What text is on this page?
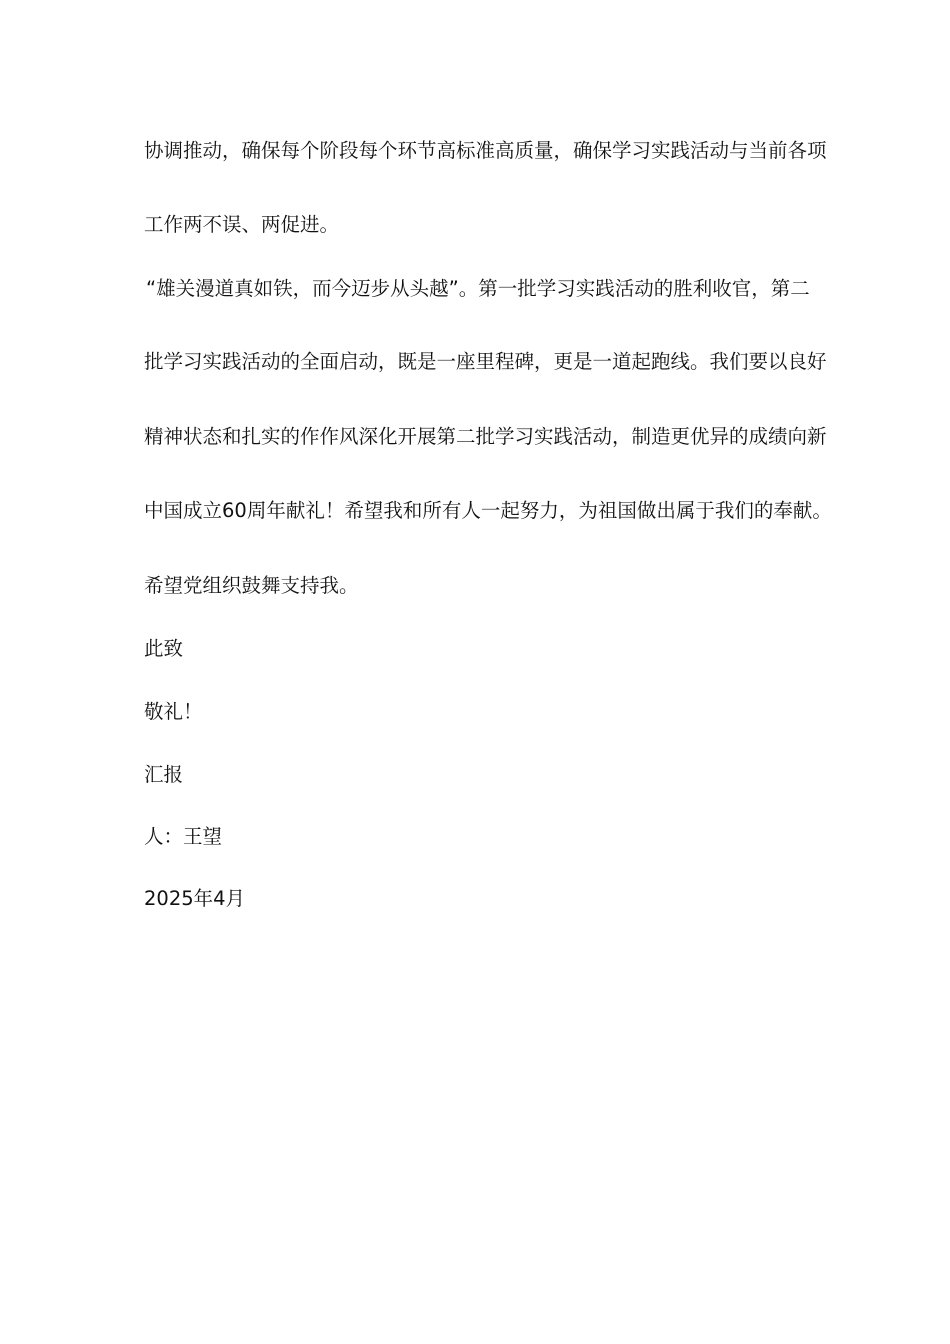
协调推动，确保每个阶段每个环节高标准高质量，确保学习实践活动与当前各项
工作两不误、两促进。
“雄关漫道真如铁，而今迈步从头越”。第一批学习实践活动的胜利收官，第二
批学习实践活动的全面启动，既是一座里程碑，更是一道起跑线。我们要以良好
精神状态和扎实的作作风深化开展第二批学习实践活动，制造更优异的成绩向新
中国成立60周年献礼！希望我和所有人一起努力，为祖国做出属于我们的奉献。
希望党组织鼓舞支持我。
此致
敬礼！
汇报
人：王望
2025年4月
